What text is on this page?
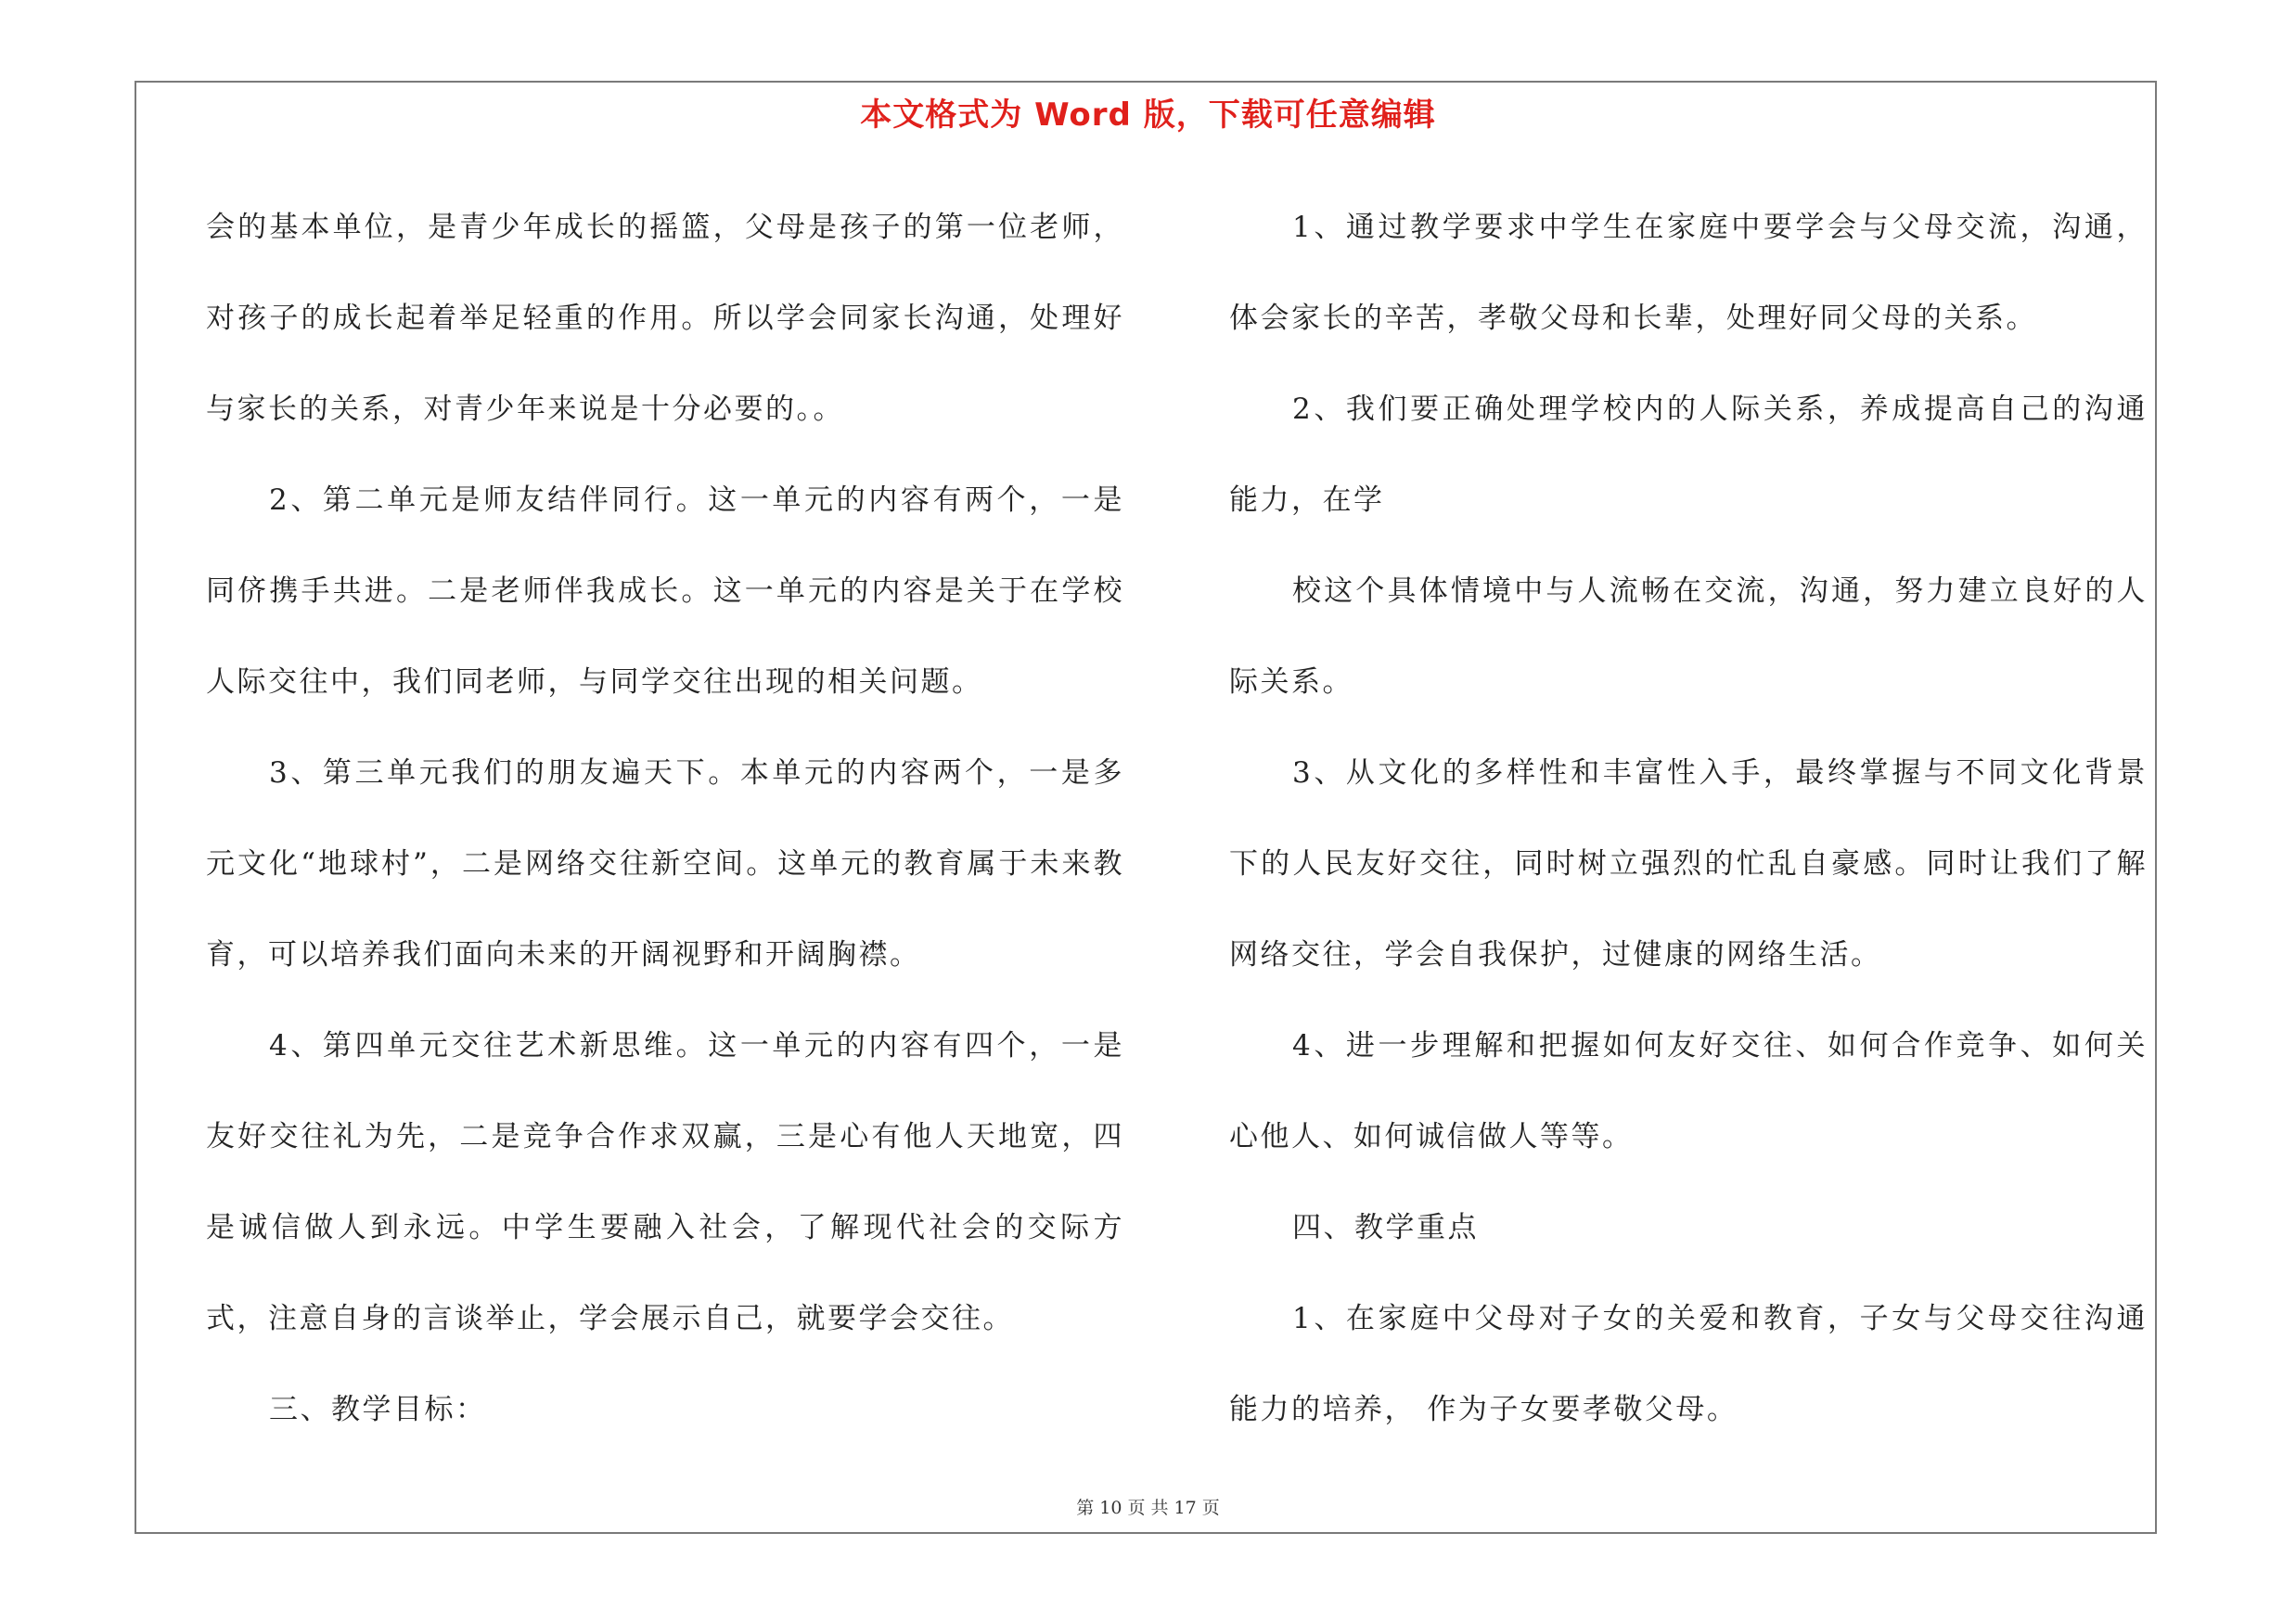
本文格式为 Word 版，下载可任意编辑

会的基本单位，是青少年成长的摇篮，父母是孩子的第一位老师，对孩子的成长起着举足轻重的作用。所以学会同家长沟通，处理好与家长的关系，对青少年来说是十分必要的。。

2、第二单元是师友结伴同行。这一单元的内容有两个，一是同侪携手共进。二是老师伴我成长。这一单元的内容是关于在学校人际交往中，我们同老师，与同学交往出现的相关问题。

3、第三单元我们的朋友遍天下。本单元的内容两个，一是多元文化“地球村”，二是网络交往新空间。这单元的教育属于未来教育，可以培养我们面向未来的开阔视野和开阔胸襟。

4、第四单元交往艺术新思维。这一单元的内容有四个，一是友好交往礼为先，二是竞争合作求双赢，三是心有他人天地宽，四是诚信做人到永远。中学生要融入社会，了解现代社会的交际方式，注意自身的言谈举止，学会展示自己，就要学会交往。

三、教学目标：

1、通过教学要求中学生在家庭中要学会与父母交流，沟通，体会家长的辛苦，孝敬父母和长辈，处理好同父母的关系。

2、我们要正确处理学校内的人际关系，养成提高自己的沟通能力，在学

校这个具体情境中与人流畅在交流，沟通，努力建立良好的人际关系。

3、从文化的多样性和丰富性入手，最终掌握与不同文化背景下的人民友好交往，同时树立强烈的忙乱自豪感。同时让我们了解网络交往，学会自我保护，过健康的网络生活。

4、进一步理解和把握如何友好交往、如何合作竞争、如何关心他人、如何诚信做人等等。

四、教学重点

1、在家庭中父母对子女的关爱和教育，子女与父母交往沟通能力的培养， 作为子女要孝敬父母。

第 10 页 共 17 页
